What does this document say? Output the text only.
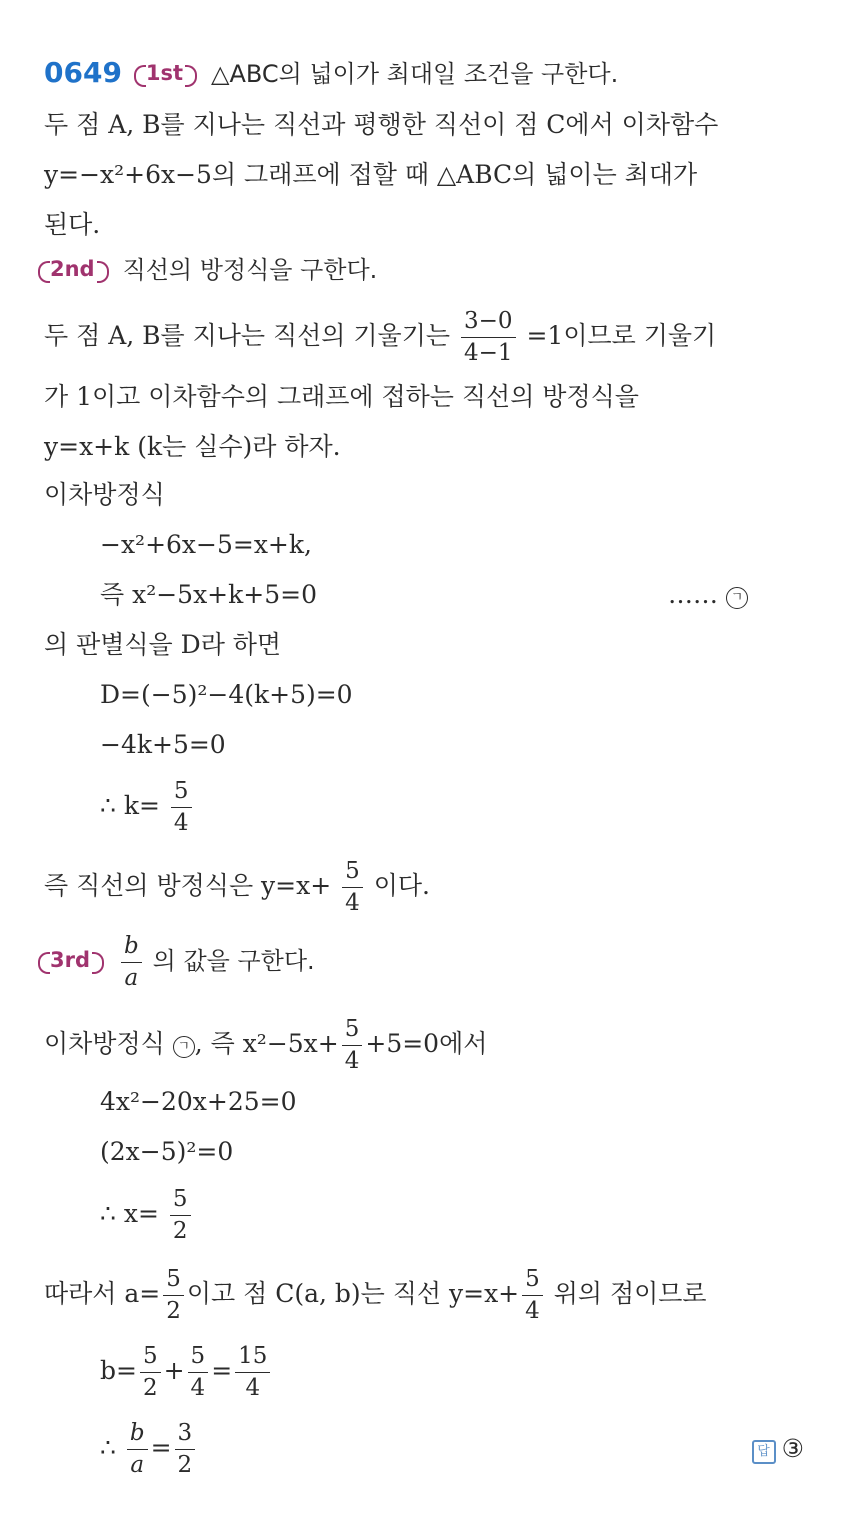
0649 1st △ABC의 넓이가 최대일 조건을 구한다.
두 점 A, B를 지나는 직선과 평행한 직선이 점 C에서 이차함수
y=−x²+6x−5의 그래프에 접할 때 △ABC의 넓이는 최대가
된다.
2nd 직선의 방정식을 구한다.
두 점 A, B를 지나는 직선의 기울기는 $\frac{3-0}{4-1} =1$이므로 기울기
가 1이고 이차함수의 그래프에 접하는 직선의 방정식을
y=x+k (k는 실수)라 하자.
이차방정식
−x²+6x−5=x+k,
즉 x²−5x+k+5=0	…… ㄱ
의 판별식을 D라 하면
D=(−5)²−4(k+5)=0
−4k+5=0
∴ $k= \frac{5}{4}$
즉 직선의 방정식은 $y=x+ \frac{5}{4}$ 이다.
$3rd \frac{b}{a}$ 의 값을 구한다.
이차방정식 ㄱ , 즉 $x^2-5x+ \frac{5}{4} +5=0$에서
4x²−20x+25=0
(2x−5)²=0
∴ $x= \frac{5}{2}$
따라서 $a= \frac{5}{2}$ 이고 점 C(a, b)는 직선 $y=x+ \frac{5}{4}$ 위의 점이므로
$b= \frac{5}{2} + \frac{5}{4} = \frac{15}{4}$
∴ $\frac{b}{a} = \frac{3}{2}$	답 ③
